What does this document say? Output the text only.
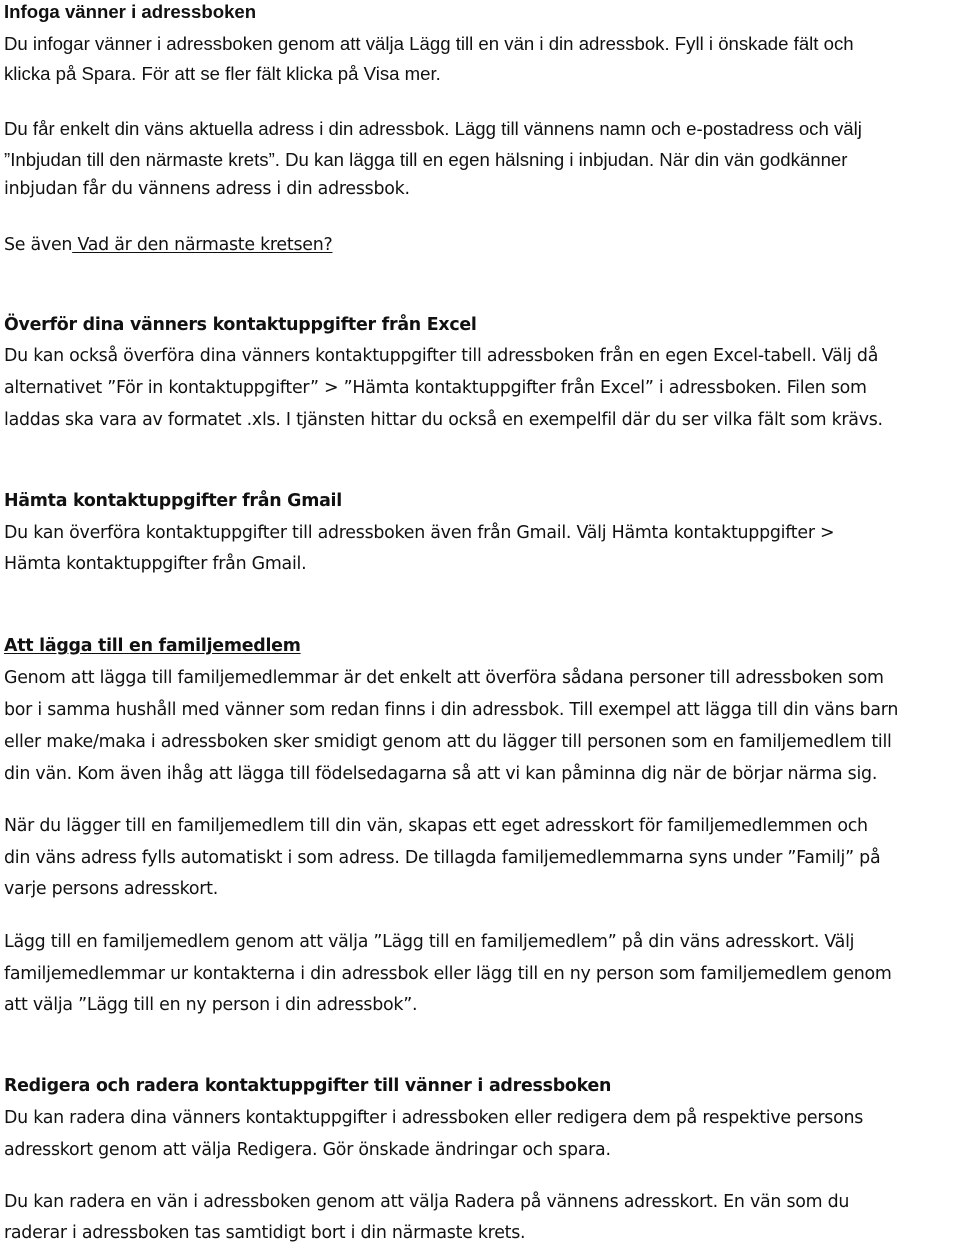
Infoga vänner i adressboken
Du infogar vänner i adressboken genom att välja Lägg till en vän i din adressbok. Fyll i önskade fält och
klicka på Spara. För att se fler fält klicka på Visa mer.
Du får enkelt din väns aktuella adress i din adressbok. Lägg till vännens namn och e-postadress och välj
”Inbjudan till den närmaste krets”. Du kan lägga till en egen hälsning i inbjudan. När din vän godkänner
inbjudan får du vännens adress i din adressbok.
Se även Vad är den närmaste kretsen?
Överför dina vänners kontaktuppgifter från Excel
Du kan också överföra dina vänners kontaktuppgifter till adressboken från en egen Excel-tabell. Välj då
alternativet ”För in kontaktuppgifter” > ”Hämta kontaktuppgifter från Excel” i adressboken. Filen som
laddas ska vara av formatet .xls. I tjänsten hittar du också en exempelfil där du ser vilka fält som krävs.
Hämta kontaktuppgifter från Gmail
Du kan överföra kontaktuppgifter till adressboken även från Gmail. Välj Hämta kontaktuppgifter >
Hämta kontaktuppgifter från Gmail.
Att lägga till en familjemedlem
Genom att lägga till familjemedlemmar är det enkelt att överföra sådana personer till adressboken som
bor i samma hushåll med vänner som redan finns i din adressbok. Till exempel att lägga till din väns barn
eller make/maka i adressboken sker smidigt genom att du lägger till personen som en familjemedlem till
din vän. Kom även ihåg att lägga till födelsedagarna så att vi kan påminna dig när de börjar närma sig.
När du lägger till en familjemedlem till din vän, skapas ett eget adresskort för familjemedlemmen och
din väns adress fylls automatiskt i som adress. De tillagda familjemedlemmarna syns under ”Familj” på
varje persons adresskort.
Lägg till en familjemedlem genom att välja ”Lägg till en familjemedlem” på din väns adresskort. Välj
familjemedlemmar ur kontakterna i din adressbok eller lägg till en ny person som familjemedlem genom
att välja ”Lägg till en ny person i din adressbok”.
Redigera och radera kontaktuppgifter till vänner i adressboken
Du kan radera dina vänners kontaktuppgifter i adressboken eller redigera dem på respektive persons
adresskort genom att välja Redigera. Gör önskade ändringar och spara.
Du kan radera en vän i adressboken genom att välja Radera på vännens adresskort. En vän som du
raderar i adressboken tas samtidigt bort i din närmaste krets.
